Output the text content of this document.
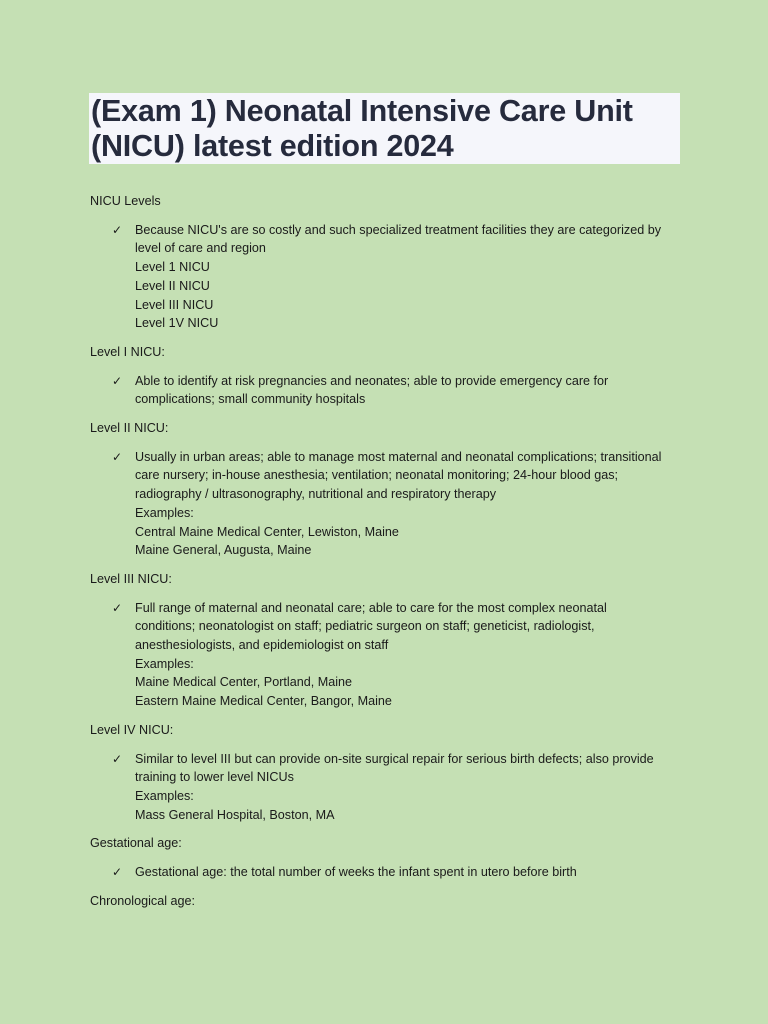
(Exam 1) Neonatal Intensive Care Unit
(NICU) latest edition 2024

NICU Levels

✓ Because NICU's are so costly and such specialized treatment facilities they are categorized by
level of care and region
Level 1 NICU
Level II NICU
Level III NICU
Level 1V NICU

Level I NICU:

✓ Able to identify at risk pregnancies and neonates; able to provide emergency care for
complications; small community hospitals

Level II NICU:

✓ Usually in urban areas; able to manage most maternal and neonatal complications; transitional
care nursery; in-house anesthesia; ventilation; neonatal monitoring; 24-hour blood gas;
radiography / ultrasonography, nutritional and respiratory therapy
Examples:
Central Maine Medical Center, Lewiston, Maine
Maine General, Augusta, Maine

Level III NICU:

✓ Full range of maternal and neonatal care; able to care for the most complex neonatal
conditions; neonatologist on staff; pediatric surgeon on staff; geneticist, radiologist,
anesthesiologists, and epidemiologist on staff
Examples:
Maine Medical Center, Portland, Maine
Eastern Maine Medical Center, Bangor, Maine

Level IV NICU:

✓ Similar to level III but can provide on-site surgical repair for serious birth defects; also provide
training to lower level NICUs
Examples:
Mass General Hospital, Boston, MA

Gestational age:

✓ Gestational age: the total number of weeks the infant spent in utero before birth

Chronological age:
